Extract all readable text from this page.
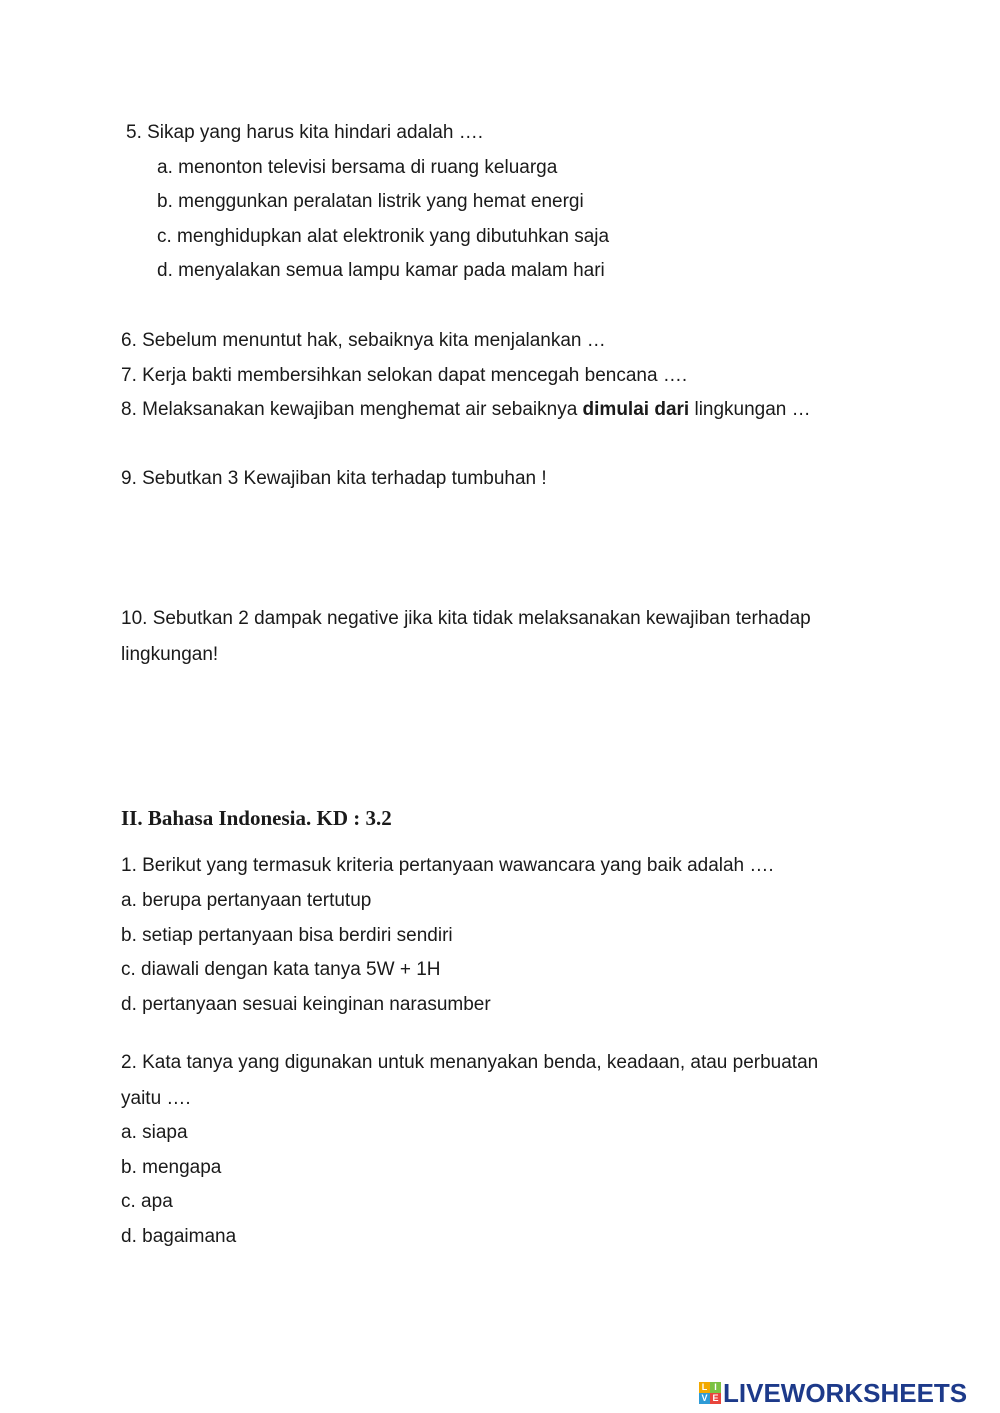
5. Sikap yang harus kita hindari adalah ….
a. menonton televisi bersama di ruang keluarga
b. menggunkan peralatan listrik yang hemat energi
c. menghidupkan alat elektronik yang dibutuhkan saja
d. menyalakan semua lampu kamar pada malam hari
6. Sebelum menuntut hak, sebaiknya kita menjalankan …
7. Kerja bakti membersihkan selokan dapat mencegah bencana ….
8. Melaksanakan kewajiban menghemat air sebaiknya dimulai dari lingkungan …
9. Sebutkan 3 Kewajiban kita terhadap tumbuhan !
10. Sebutkan 2 dampak negative jika kita tidak melaksanakan kewajiban terhadap
lingkungan!
II. Bahasa Indonesia. KD : 3.2
1. Berikut yang termasuk kriteria pertanyaan wawancara yang baik adalah ….
a. berupa pertanyaan tertutup
b. setiap pertanyaan bisa berdiri sendiri
c. diawali dengan kata tanya 5W + 1H
d. pertanyaan sesuai keinginan narasumber
2. Kata tanya yang digunakan untuk menanyakan benda, keadaan, atau perbuatan
yaitu ….
a. siapa
b. mengapa
c. apa
d. bagaimana
L I
V E LIVEWORKSHEETS
